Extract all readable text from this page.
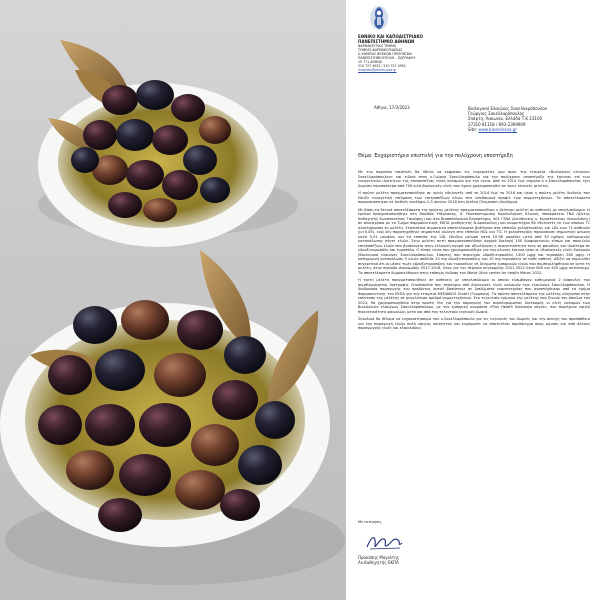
ΕΘΝΙΚΟ ΚΑΙ ΚΑΠΟΔΙΣΤΡΙΑΚΟ
ΠΑΝΕΠΙΣΤΗΜΙΟ ΑΘΗΝΩΝ
ΦΑΡΜΑΚΕΥΤΙΚΟ ΤΜΗΜΑ
ΤΟΜΕΑΣ ΦΑΡΜΑΚΟΓΝΩΣΙΑΣ
& ΧΗΜΕΙΑΣ ΦΥΣΙΚΩΝ ΠΡΟΪΟΝΤΩΝ
ΠΑΝΕΠΙΣΤΗΜΙΟΥΠΟΛΗ – ΖΩΓΡΑΦΟΥ
15 771 ΑΘΗΝΑ
210 727 4053 / 210 727 4952
magiatis@pharm.uoa.gr
Αθήνα, 17/3/2023	Βιολογικοί Ελαιώνες Σακελλαρόπουλου
Γεώργιος Σακελλαρόπουλος
Σπάρτη, Λακωνία, Ελλάδα Τ.Κ 23100
27310 81118 / 693-2309909
Site: www.bioseriessa.gr
Θέμα: Ευχαριστήρια επιστολή για την πολύχρονη υποστήριξη

Με την παρούσα επιστολή θα ήθελα να εκφράσω τις ευχαριστίες μου προς την εταιρεία «Βιολογικοί ελαιώνες Σακελλαρόπουλου» και ειδικά στον κ.Γιώργο Σακελλαρόπουλο για την πολύχρονη υποστήριξη της έρευνας επί των ευεργετικών ιδιοτήτων της επιτραπέζιας ελιάς καλαμών για την υγεία. Από το 2014 έως σήμερα ο κ.Σακελλαρόπουλος έχει δωρίσει περισσότερα από 700 κιλά βιολογικές ελιές που έχουν χρησιμοποιηθεί σε τρεις κλινικές μελέτες.

Η πρώτη μελέτη πραγματοποιήθηκε σε υγιείς εθελοντές από το 2014 έως το 2016 και ήταν η πρώτη μελέτη διεθνώς που έδειξε ευεργετική επίδραση των επιτραπέζιων ελιών στο λιπιδαιμικό προφίλ των συμμετεχόντων. Τα αποτελέσματα παρουσιάστηκαν σε διεθνές συνέδριο 2-3 Ιουνίου 2016 στη Διεθνή Ολυμπιακή Ακαδημία.

Με βάση τα θετικά αποτελέσματα της πρώτης μελέτης πραγματοποιήθηκε η δεύτερη μελέτη σε ασθενείς με υπερλιπιδαιμία. Η έρευνα πραγματοποιήθηκε στη Μονάδα Υπέρτασης, Α' Πανεπιστημιακή Καρδιολογική Κλινική, Ιπποκράτειο ΓΝΑ (Δ/ντης Καθηγητής Κωνσταντίνος Τσιούφης) και στο Βιοπαθολογικό Εργαστήριο, 401 ΓΣΝΑ (Διευθυντής κ. Κωνσταντίνος Λυκουλάνης) σε συνεργασία με το Τμήμα Φαρμακευτικής ΕΚΠΑ (καθηγητής Ν.Δρακούλης) και συμμετείχαν 64 εθελοντές εκ των οποίων 71 ολοκλήρωσαν τη μελέτη. Στατιστικά σημαντικά αποτελέσματα βρέθηκαν στα επίπεδα χοληστερόλης και LDL των 71 ασθενών (p<0,05), ενώ δεν παρατηρήθηκε σημαντική αλλαγή στα επίπεδα HDL και TG. Η χοληστερόλη παρουσίασε σημαντική μείωση κατά 9,01 μονάδες και τα επίπεδα της LDL έδειξαν μείωση κατά 10,98 μονάδες μετά από 30 ημέρες καθημερινής κατανάλωσης πέντε ελιών. Στην μελέτη αυτή πραγματοποιήθηκε αρχικά διαλογή 150 διαφορετικών τύπων και ποικιλιών επιτραπέζιων ελιών που βρίσκονται στην ελληνική αγορά και αξιολόγηση η περιεκτικότητα τους σε φαινόλες και ιδιαίτερα σε υδροξυτυροσόλη και τυροσόλη. Ο τύπος ελιάς που χρησιμοποιήθηκε για την κλινική έρευνα ήταν οι «Βιολογικές ελιές Καλαμών (Βιολογικοί ελαιώνες Σακελλαρόπουλου, Σπάρτη) που περιείχαν υδροξυτυροσόλη 1300 μg/g και τυροσόλη 560 μg/g. Η καθημερινή κατανάλωση 5 ελιών απέδιδε 25 mg υδροξυτυροσόλης και 10 mg τυροσόλης σε κάθε ασθενή. Αξίζει να σημειωθεί συγκριτικά ότι οι μέσες τιμές υδροξυτυροσόλης και τυροσόλης σε δείγματα εμπορικών ελιών που συμπεριλήφθηκαν σε αυτή τη μελέτη, στην περίοδο συγκομιδής 2017-2018, ήταν για την περίοδο συγκομιδής 2021-2022 ήταν 800 και 420 μg/g αντίστοιχα. Τα αποτελέσματα δημοσιεύθηκαν στην επίσημη έκδοση του World Olive center for health Μάιος 2022.

Η τρίτη μελέτη πραγματοποιήθηκε σε ασθενείς με υπερλιπιδαιμία οι οποίοι ελάμβαναν καθημερινά 2 κάψουλες του συμπληρώματος διατροφής Cholestoline που περιείχαν από βιολογικές ελιές καλαμών των ελαιώνων Σακελλαρόπουλου. Η διαδικασία παραγωγής του προϊόντος αυτού βασίστηκε σε διπλώματα ευρεσιτεχνίας που αναπτύχθηκαν από το τμήμα Φαρμακευτικής του ΕΚΠΑ για την εταιρεία MEDIAKOS GmbH (Γερμανία). Τα πρώτα αποτελέσματα της μελέτης οδήγησαν στην επέκταση της μελέτης σε μεγαλύτερο αριθμό συμμετεχόντων. Στο τελευταίο τρίμηνο της μελέτης που ξεκινά τον Απρίλιο του 2023, θα χρησιμοποιηθούν στην πρώτη ύλη για την παραγωγή του συμπληρώματος διατροφής οι ελιές καλαμών των βιολογικών ελαιώνων Σακελλαρόπουλου, με την εμπορική ονομασία «Plus Health Kalamata olives», που περιέχουν υψηλή περιεκτικότητα φαινολών, μετά και από την τελευταία ευγενική δωρεά.

Συνολικά θα θέλαμε να ευχαριστήσουμε τον κ.Σακελλαρόπουλο για τις ευγενικές του δωρεές και την συνεχή του προσπάθεια για την παραγωγή ελιών πολύ υψηλής ποιότητας και ευχόμαστε να αποτελέσει παράδειγμα προς μίμηση και από άλλους παραγωγούς ελιάς και ελαιολάδου.

Με εκτίμηση,
Προκόπης Μαγιάτης
Αν.Καθηγητής ΕΚΠΑ
